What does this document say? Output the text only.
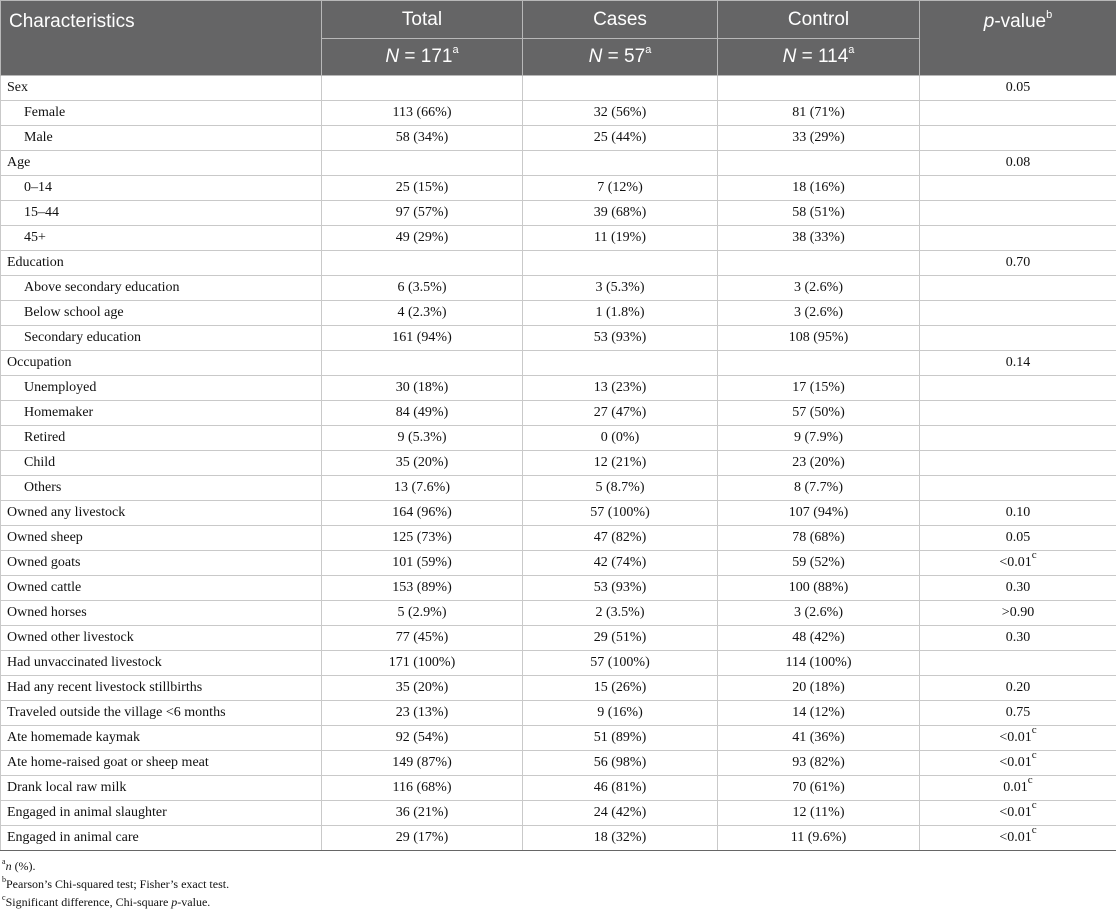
Characteristics	Total	Cases	Control	p-value$^b$
	$N = 171^a$	$N = 57^a$	$N = 114^a$
Sex				0.05
Female	113 (66%)	32 (56%)	81 (71%)	
Male	58 (34%)	25 (44%)	33 (29%)	
Age				0.08
0–14	25 (15%)	7 (12%)	18 (16%)	
15–44	97 (57%)	39 (68%)	58 (51%)	
45+	49 (29%)	11 (19%)	38 (33%)	
Education				0.70
Above secondary education	6 (3.5%)	3 (5.3%)	3 (2.6%)	
Below school age	4 (2.3%)	1 (1.8%)	3 (2.6%)	
Secondary education	161 (94%)	53 (93%)	108 (95%)	
Occupation				0.14
Unemployed	30 (18%)	13 (23%)	17 (15%)	
Homemaker	84 (49%)	27 (47%)	57 (50%)	
Retired	9 (5.3%)	0 (0%)	9 (7.9%)	
Child	35 (20%)	12 (21%)	23 (20%)	
Others	13 (7.6%)	5 (8.7%)	8 (7.7%)	
Owned any livestock	164 (96%)	57 (100%)	107 (94%)	0.10
Owned sheep	125 (73%)	47 (82%)	78 (68%)	0.05
Owned goats	101 (59%)	42 (74%)	59 (52%)	<0.01$^c$
Owned cattle	153 (89%)	53 (93%)	100 (88%)	0.30
Owned horses	5 (2.9%)	2 (3.5%)	3 (2.6%)	>0.90
Owned other livestock	77 (45%)	29 (51%)	48 (42%)	0.30
Had unvaccinated livestock	171 (100%)	57 (100%)	114 (100%)	
Had any recent livestock stillbirths	35 (20%)	15 (26%)	20 (18%)	0.20
Traveled outside the village <6 months	23 (13%)	9 (16%)	14 (12%)	0.75
Ate homemade kaymak	92 (54%)	51 (89%)	41 (36%)	<0.01$^c$
Ate home-raised goat or sheep meat	149 (87%)	56 (98%)	93 (82%)	<0.01$^c$
Drank local raw milk	116 (68%)	46 (81%)	70 (61%)	0.01$^c$
Engaged in animal slaughter	36 (21%)	24 (42%)	12 (11%)	<0.01$^c$
Engaged in animal care	29 (17%)	18 (32%)	11 (9.6%)	<0.01$^c$
$^a$n (%).
$^b$Pearson’s Chi-squared test; Fisher’s exact test.
$^c$Significant difference, Chi-square p-value.
